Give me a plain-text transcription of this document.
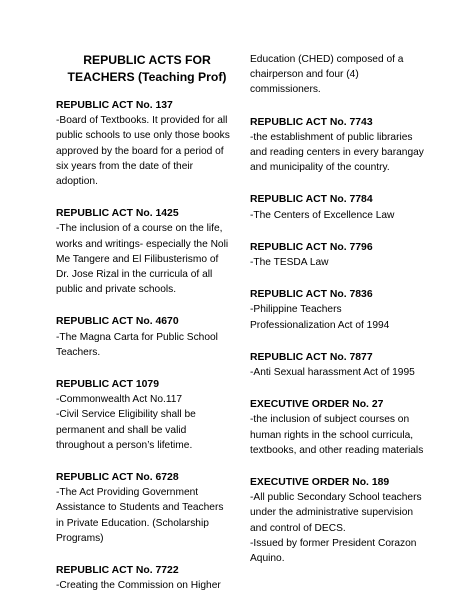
REPUBLIC ACTS FOR
TEACHERS (Teaching Prof)
REPUBLIC ACT No. 137
-Board of Textbooks. It provided for all
public schools to use only those books
approved by the board for a period of
six years from the date of their
adoption.
REPUBLIC ACT No. 1425
-The inclusion of a course on the life,
works and writings- especially the Noli
Me Tangere and El Filibusterismo of
Dr. Jose Rizal in the curricula of all
public and private schools.
REPUBLIC ACT No. 4670
-The Magna Carta for Public School
Teachers.
REPUBLIC ACT 1079
-Commonwealth Act No.117
-Civil Service Eligibility shall be
permanent and shall be valid
throughout a person’s lifetime.
REPUBLIC ACT No. 6728
-The Act Providing Government
Assistance to Students and Teachers
in Private Education. (Scholarship
Programs)
REPUBLIC ACT No. 7722
-Creating the Commission on Higher
Education (CHED) composed of a
chairperson and four (4)
commissioners.
REPUBLIC ACT No. 7743
-the establishment of public libraries
and reading centers in every barangay
and municipality of the country.
REPUBLIC ACT No. 7784
-The Centers of Excellence Law
REPUBLIC ACT No. 7796
-The TESDA Law
REPUBLIC ACT No. 7836
-Philippine Teachers
Professionalization Act of 1994
REPUBLIC ACT No. 7877
-Anti Sexual harassment Act of 1995
EXECUTIVE ORDER No. 27
-the inclusion of subject courses on
human rights in the school curricula,
textbooks, and other reading materials
EXECUTIVE ORDER No. 189
-All public Secondary School teachers
under the administrative supervision
and control of DECS.
-Issued by former President Corazon
Aquino.
